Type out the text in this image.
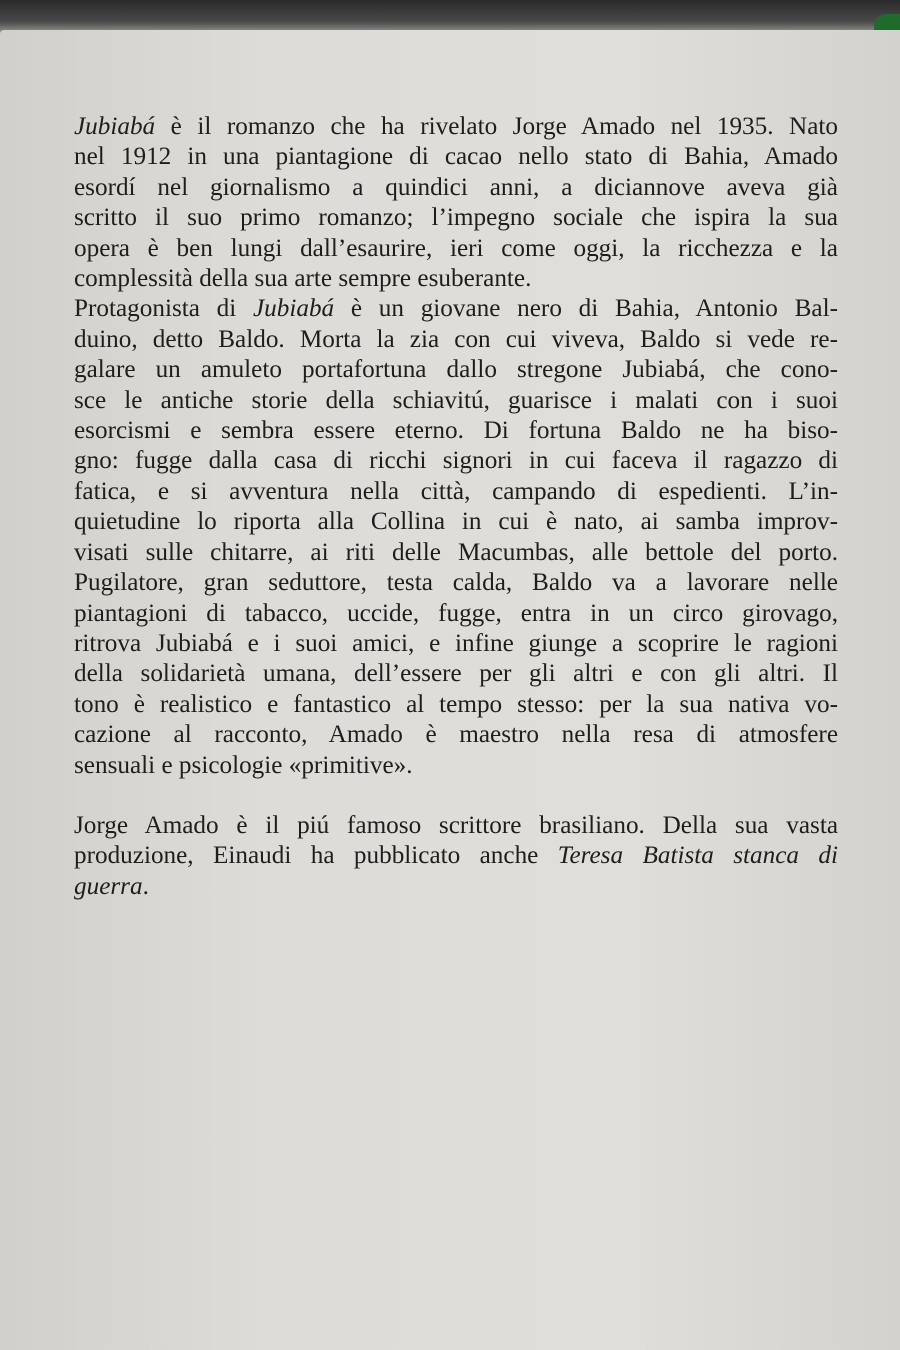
Jubiabá è il romanzo che ha rivelato Jorge Amado nel 1935. Nato
nel 1912 in una piantagione di cacao nello stato di Bahia, Amado
esordí nel giornalismo a quindici anni, a diciannove aveva già
scritto il suo primo romanzo; l’impegno sociale che ispira la sua
opera è ben lungi dall’esaurire, ieri come oggi, la ricchezza e la
complessità della sua arte sempre esuberante.
Protagonista di Jubiabá è un giovane nero di Bahia, Antonio Bal-
duino, detto Baldo. Morta la zia con cui viveva, Baldo si vede re-
galare un amuleto portafortuna dallo stregone Jubiabá, che cono-
sce le antiche storie della schiavitú, guarisce i malati con i suoi
esorcismi e sembra essere eterno. Di fortuna Baldo ne ha biso-
gno: fugge dalla casa di ricchi signori in cui faceva il ragazzo di
fatica, e si avventura nella città, campando di espedienti. L’in-
quietudine lo riporta alla Collina in cui è nato, ai samba improv-
visati sulle chitarre, ai riti delle Macumbas, alle bettole del porto.
Pugilatore, gran seduttore, testa calda, Baldo va a lavorare nelle
piantagioni di tabacco, uccide, fugge, entra in un circo girovago,
ritrova Jubiabá e i suoi amici, e infine giunge a scoprire le ragioni
della solidarietà umana, dell’essere per gli altri e con gli altri. Il
tono è realistico e fantastico al tempo stesso: per la sua nativa vo-
cazione al racconto, Amado è maestro nella resa di atmosfere
sensuali e psicologie «primitive».
Jorge Amado è il piú famoso scrittore brasiliano. Della sua vasta
produzione, Einaudi ha pubblicato anche Teresa Batista stanca di
guerra.
